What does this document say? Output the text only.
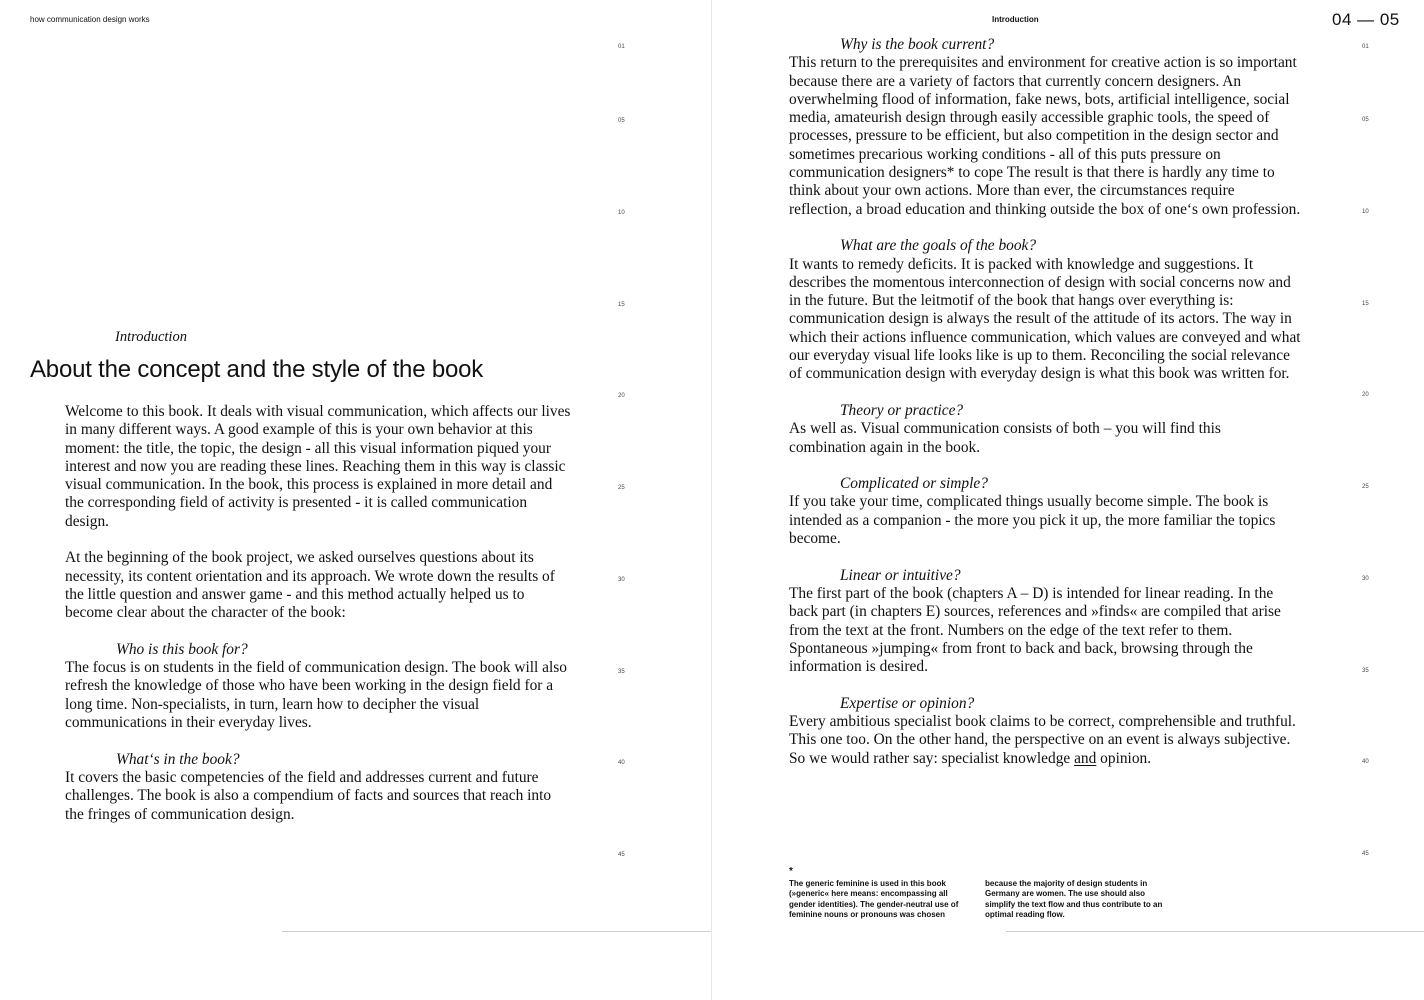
how communication design works
01
05
10
15
20
25
30
35
40
45

Introduction

About the concept and the style of the book

Welcome to this book. It deals with visual communication, which affects our lives in many different ways. A good example of this is your own behavior at this moment: the title, the topic, the design - all this visual information piqued your interest and now you are reading these lines. Reaching them in this way is classic visual communication. In the book, this process is explained in more detail and the corresponding field of activity is presented - it is called communication design.

At the beginning of the book project, we asked ourselves questions about its necessity, its content orientation and its approach. We wrote down the results of the little question and answer game - and this method actually helped us to become clear about the character of the book:

Who is this book for?

The focus is on students in the field of communication design. The book will also refresh the knowledge of those who have been working in the design field for a long time. Non-specialists, in turn, learn how to decipher the visual communications in their everyday lives.

What‘s in the book?

It covers the basic competencies of the field and addresses current and future challenges. The book is also a compendium of facts and sources that reach into the fringes of communication design.

Introduction	04 — 05
01
05
10
15
20
25
30
35
40
45

Why is the book current?

This return to the prerequisites and environment for creative action is so important because there are a variety of factors that currently concern designers. An overwhelming flood of information, fake news, bots, artificial intelligence, social media, amateurish design through easily accessible graphic tools, the speed of processes, pressure to be efficient, but also competition in the design sector and sometimes precarious working conditions - all of this puts pressure on communication designers* to cope The result is that there is hardly any time to think about your own actions. More than ever, the circumstances require reflection, a broad education and thinking outside the box of one‘s own profession.

What are the goals of the book?

It wants to remedy deficits. It is packed with knowledge and suggestions. It describes the momentous interconnection of design with social concerns now and in the future. But the leitmotif of the book that hangs over everything is: communication design is always the result of the attitude of its actors. The way in which their actions influence communication, which values are conveyed and what our everyday visual life looks like is up to them. Reconciling the social relevance of communication design with everyday design is what this book was written for.

Theory or practice?

As well as. Visual communication consists of both – you will find this combination again in the book.

Complicated or simple?

If you take your time, complicated things usually become simple. The book is intended as a companion - the more you pick it up, the more familiar the topics become.

Linear or intuitive?

The first part of the book (chapters A – D) is intended for linear reading. In the back part (in chapters E) sources, references and »finds« are compiled that arise from the text at the front. Numbers on the edge of the text refer to them. Spontaneous »jumping« from front to back and back, browsing through the information is desired.

Expertise or opinion?

Every ambitious specialist book claims to be correct, comprehensible and truthful. This one too. On the other hand, the perspective on an event is always subjective. So we would rather say: specialist knowledge and opinion.

*
The generic feminine is used in this book (»generic« here means: encompassing all gender identities). The gender-neutral use of feminine nouns or pronouns was chosen
because the majority of design students in Germany are women. The use should also simplify the text flow and thus contribute to an optimal reading flow.
